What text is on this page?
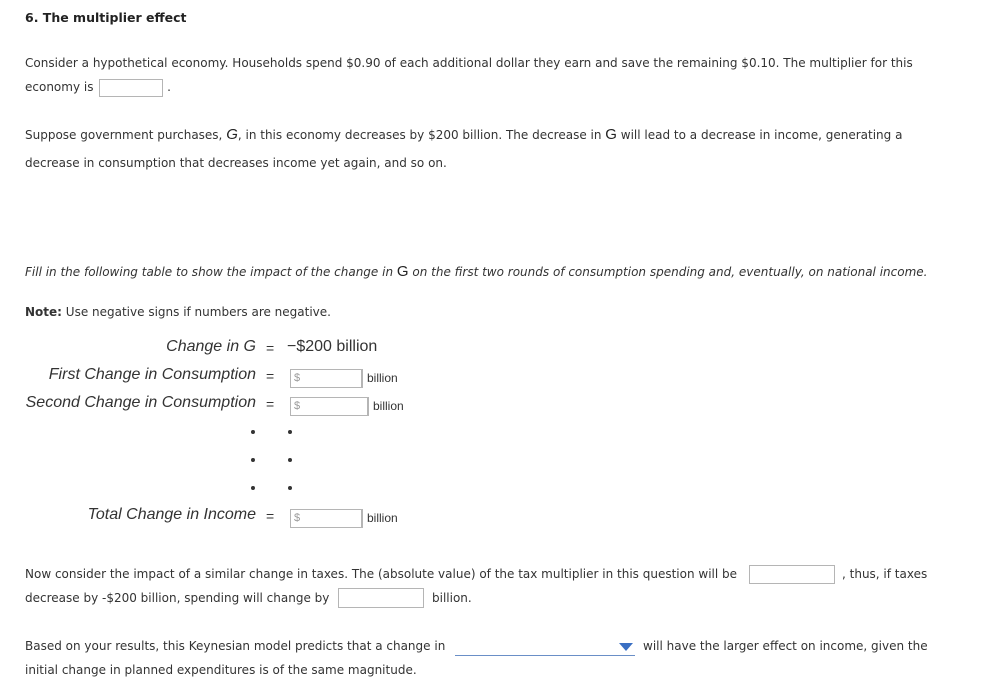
6. The multiplier effect
Consider a hypothetical economy. Households spend $0.90 of each additional dollar they earn and save the remaining $0.10. The multiplier for this
economy is	.
Suppose government purchases, G, in this economy decreases by $200 billion. The decrease in G will lead to a decrease in income, generating a
decrease in consumption that decreases income yet again, and so on.
Fill in the following table to show the impact of the change in G on the first two rounds of consumption spending and, eventually, on national income.
Note: Use negative signs if numbers are negative.
Change in G = −$200 billion
First Change in Consumption = $	billion
Second Change in Consumption = $	billion
Total Change in Income = $	billion
Now consider the impact of a similar change in taxes. The (absolute value) of the tax multiplier in this question will be	, thus, if taxes
decrease by -$200 billion, spending will change by	billion.
Based on your results, this Keynesian model predicts that a change in	will have the larger effect on income, given the
initial change in planned expenditures is of the same magnitude.
